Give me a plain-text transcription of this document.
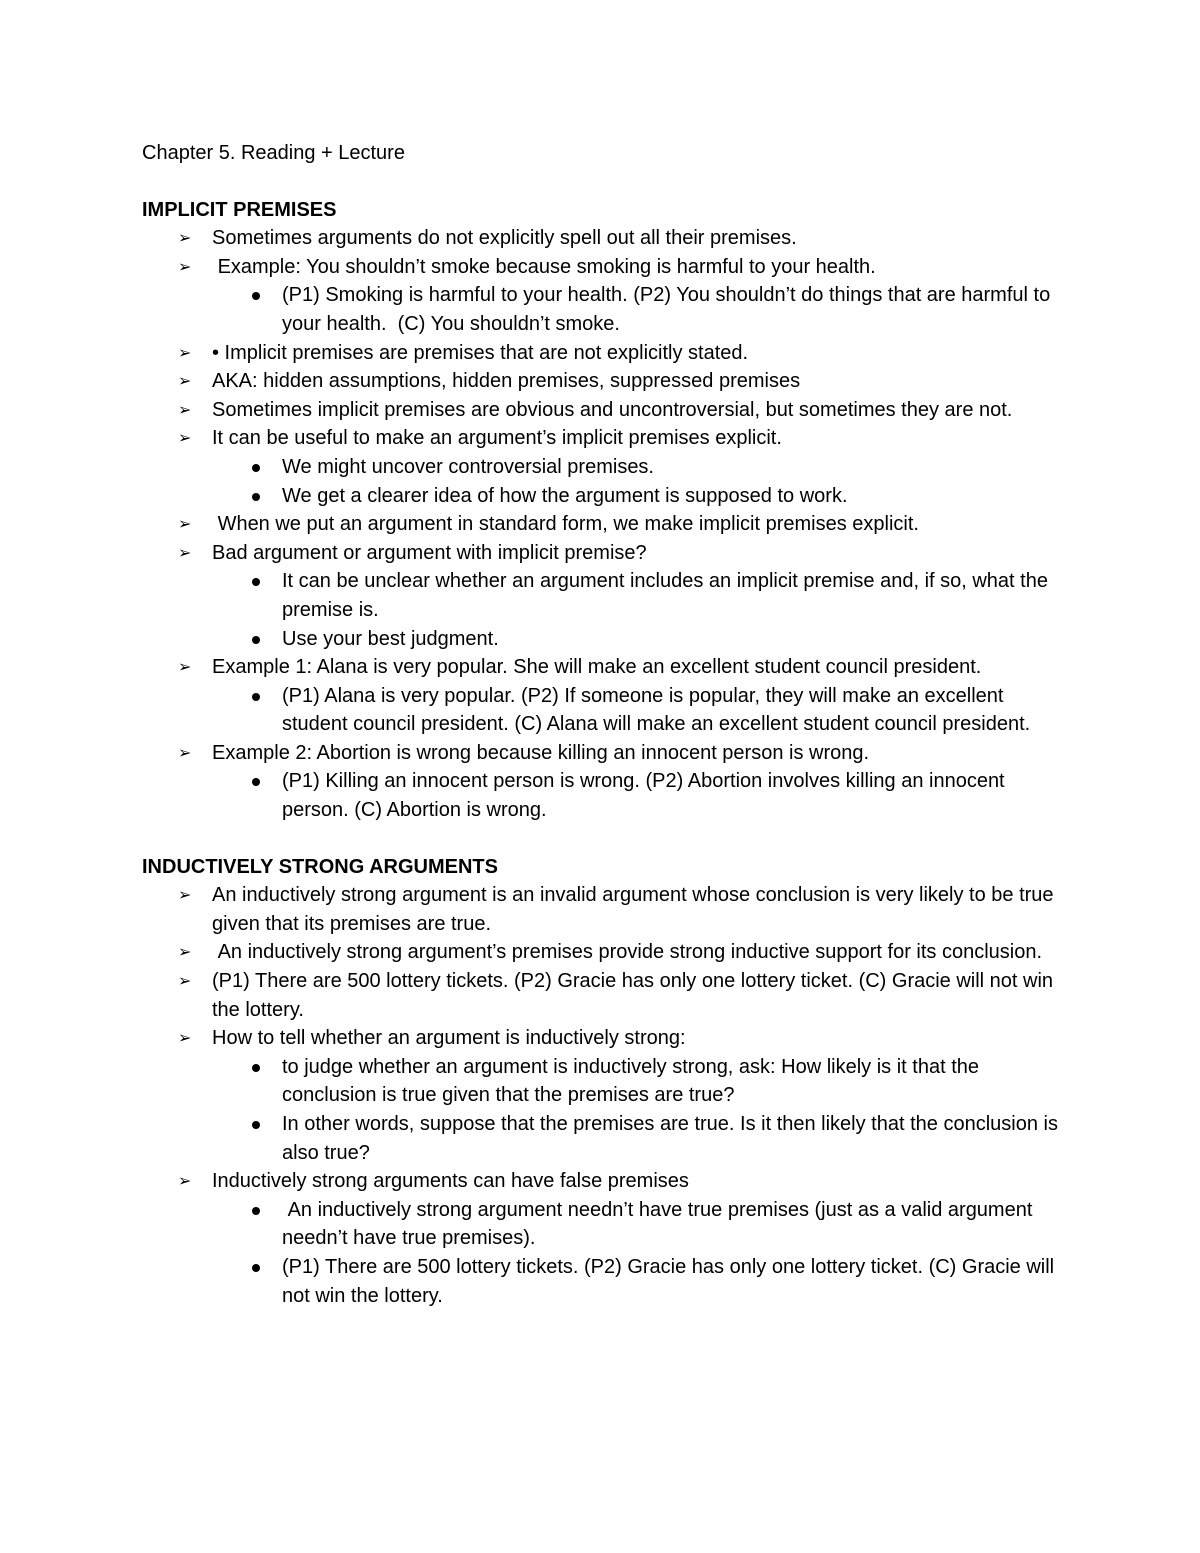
Chapter 5. Reading + Lecture

IMPLICIT PREMISES

➢ Sometimes arguments do not explicitly spell out all their premises.
➢ Example: You shouldn’t smoke because smoking is harmful to your health.
(P1) Smoking is harmful to your health. (P2) You shouldn’t do things that are harmful to your health.  (C) You shouldn’t smoke.
➢ • Implicit premises are premises that are not explicitly stated.
➢ AKA: hidden assumptions, hidden premises, suppressed premises
➢ Sometimes implicit premises are obvious and uncontroversial, but sometimes they are not.
➢ It can be useful to make an argument’s implicit premises explicit.
We might uncover controversial premises.
We get a clearer idea of how the argument is supposed to work.
➢ When we put an argument in standard form, we make implicit premises explicit.
➢ Bad argument or argument with implicit premise?
It can be unclear whether an argument includes an implicit premise and, if so, what the premise is.
Use your best judgment.
➢ Example 1: Alana is very popular. She will make an excellent student council president.
(P1) Alana is very popular. (P2) If someone is popular, they will make an excellent student council president. (C) Alana will make an excellent student council president.
➢ Example 2: Abortion is wrong because killing an innocent person is wrong.
(P1) Killing an innocent person is wrong. (P2) Abortion involves killing an innocent person. (C) Abortion is wrong.

INDUCTIVELY STRONG ARGUMENTS

➢ An inductively strong argument is an invalid argument whose conclusion is very likely to be true given that its premises are true.
➢ An inductively strong argument’s premises provide strong inductive support for its conclusion.
➢ (P1) There are 500 lottery tickets. (P2) Gracie has only one lottery ticket. (C) Gracie will not win the lottery.
➢ How to tell whether an argument is inductively strong:
to judge whether an argument is inductively strong, ask: How likely is it that the conclusion is true given that the premises are true?
In other words, suppose that the premises are true. Is it then likely that the conclusion is also true?
➢ Inductively strong arguments can have false premises
An inductively strong argument needn’t have true premises (just as a valid argument needn’t have true premises).
(P1) There are 500 lottery tickets. (P2) Gracie has only one lottery ticket. (C) Gracie will not win the lottery.
